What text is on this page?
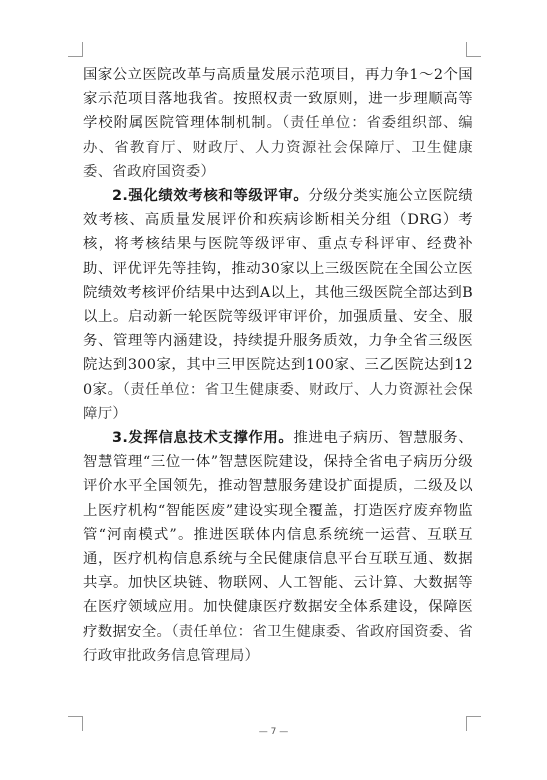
国家公立医院改革与高质量发展示范项目，再力争1～2个国家示范项目落地我省。按照权责一致原则，进一步理顺高等学校附属医院管理体制机制。（责任单位：省委组织部、编办、省教育厅、财政厅、人力资源社会保障厅、卫生健康委、省政府国资委）

2.强化绩效考核和等级评审。分级分类实施公立医院绩效考核、高质量发展评价和疾病诊断相关分组（DRG）考核，将考核结果与医院等级评审、重点专科评审、经费补助、评优评先等挂钩，推动30家以上三级医院在全国公立医院绩效考核评价结果中达到A以上，其他三级医院全部达到B以上。启动新一轮医院等级评审评价，加强质量、安全、服务、管理等内涵建设，持续提升服务质效，力争全省三级医院达到300家，其中三甲医院达到100家、三乙医院达到120家。（责任单位：省卫生健康委、财政厅、人力资源社会保障厅）

3.发挥信息技术支撑作用。推进电子病历、智慧服务、智慧管理“三位一体”智慧医院建设，保持全省电子病历分级评价水平全国领先，推动智慧服务建设扩面提质，二级及以上医疗机构“智能医废”建设实现全覆盖，打造医疗废弃物监管“河南模式”。推进医联体内信息系统统一运营、互联互通，医疗机构信息系统与全民健康信息平台互联互通、数据共享。加快区块链、物联网、人工智能、云计算、大数据等在医疗领域应用。加快健康医疗数据安全体系建设，保障医疗数据安全。（责任单位：省卫生健康委、省政府国资委、省行政审批政务信息管理局）

— 7 —
